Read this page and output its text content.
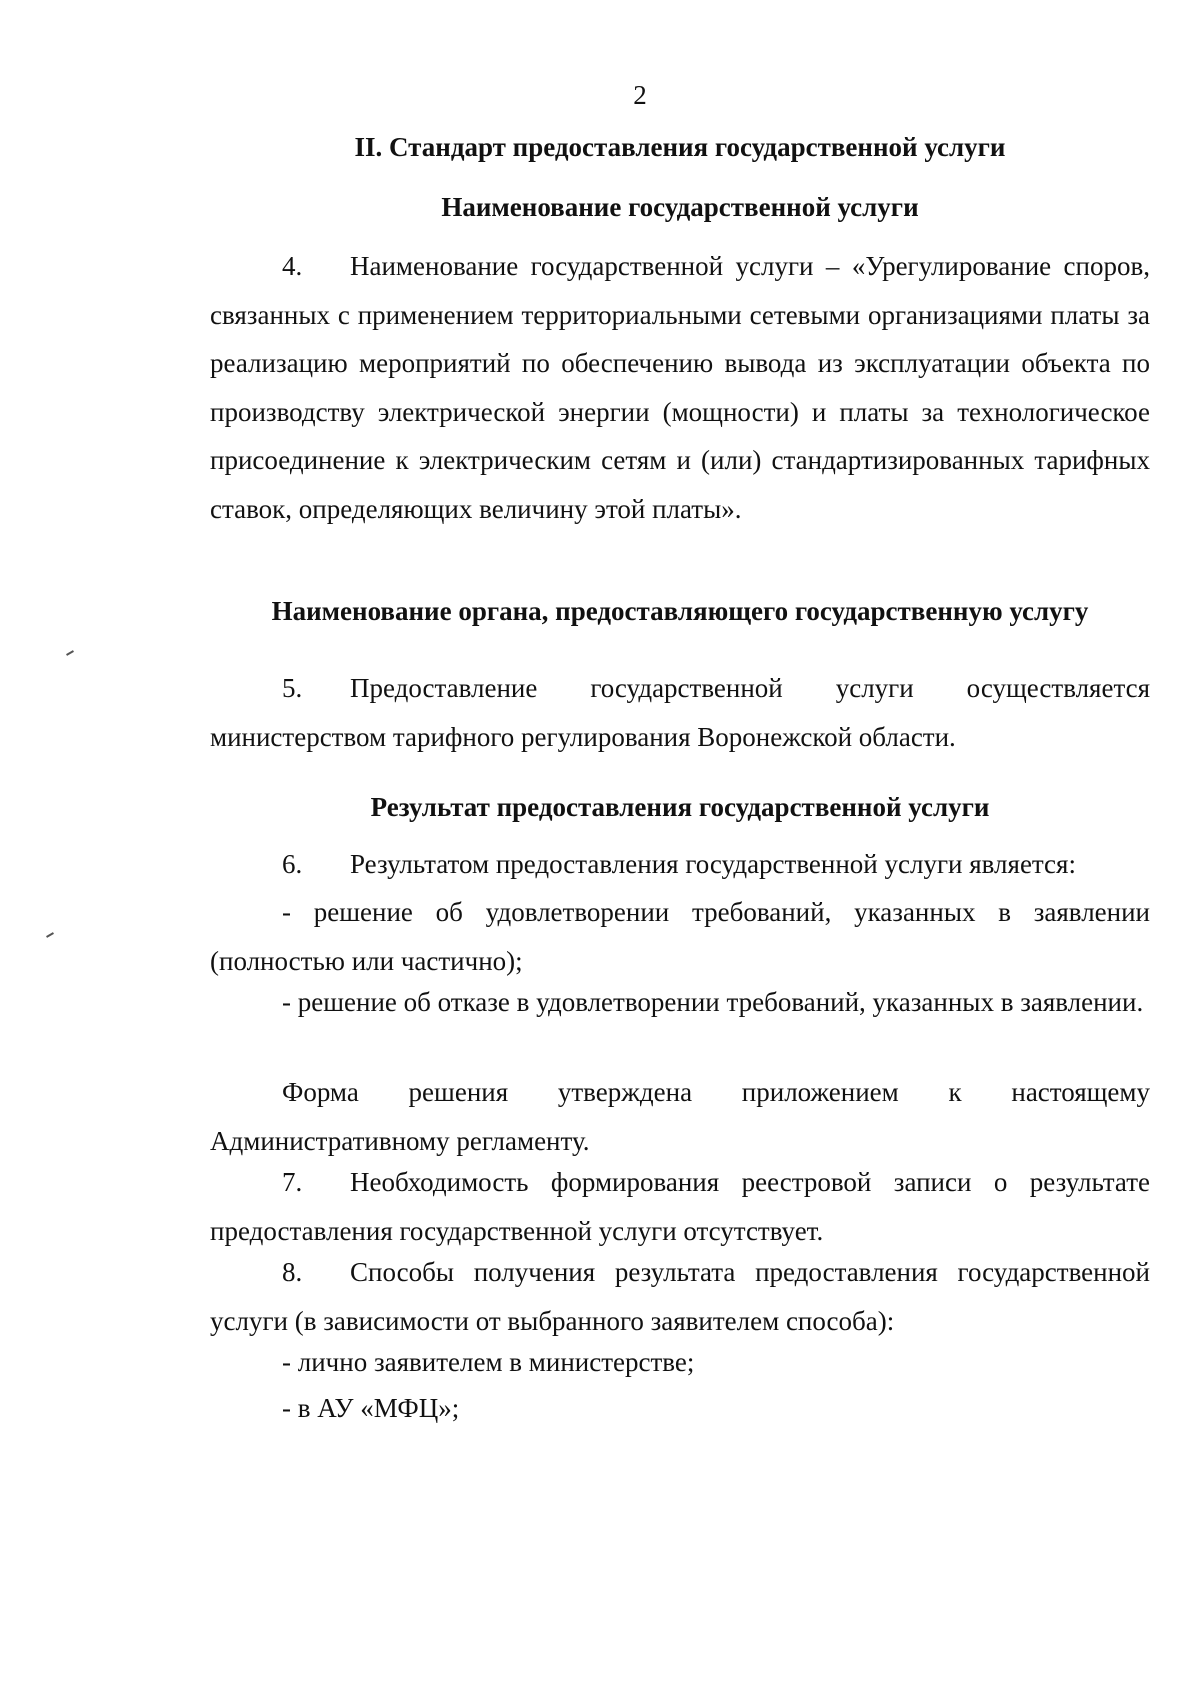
2
II. Стандарт предоставления государственной услуги
Наименование государственной услуги
4. Наименование государственной услуги – «Урегулирование споров, связанных с применением территориальными сетевыми организациями платы за реализацию мероприятий по обеспечению вывода из эксплуатации объекта по производству электрической энергии (мощности) и платы за технологическое присоединение к электрическим сетям и (или) стандартизированных тарифных ставок, определяющих величину этой платы».
Наименование органа, предоставляющего государственную услугу
5. Предоставление государственной услуги осуществляется министерством тарифного регулирования Воронежской области.
Результат предоставления государственной услуги
6. Результатом предоставления государственной услуги является:
- решение об удовлетворении требований, указанных в заявлении (полностью или частично);
- решение об отказе в удовлетворении требований, указанных в заявлении.
Форма решения утверждена приложением к настоящему Административному регламенту.
7. Необходимость формирования реестровой записи о результате предоставления государственной услуги отсутствует.
8. Способы получения результата предоставления государственной услуги (в зависимости от выбранного заявителем способа):
- лично заявителем в министерстве;
- в АУ «МФЦ»;
